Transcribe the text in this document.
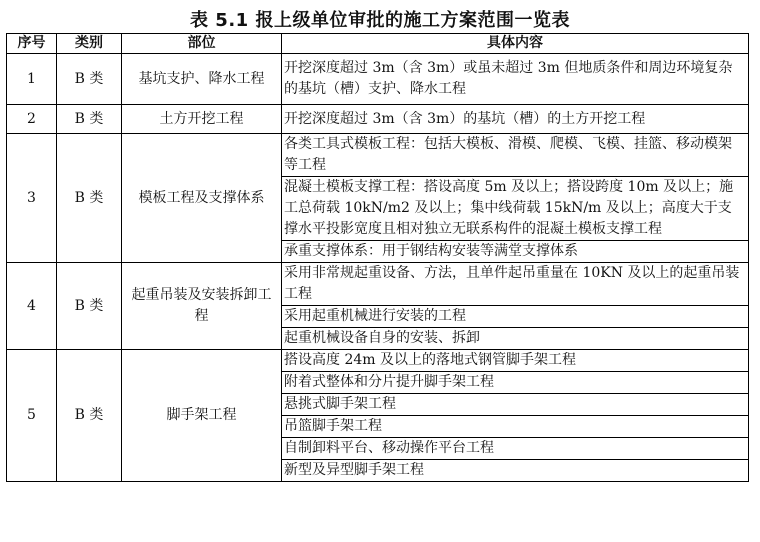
表 5.1 报上级单位审批的施工方案范围一览表
序号	类别	部位	具体内容
1	B 类	基坑支护、降水工程	开挖深度超过 3m（含 3m）或虽未超过 3m 但地质条件和周边环境复杂的基坑（槽）支护、降水工程
2	B 类	土方开挖工程	开挖深度超过 3m（含 3m）的基坑（槽）的土方开挖工程
3	B 类	模板工程及支撑体系	各类工具式模板工程：包括大模板、滑模、爬模、飞模、挂篮、移动模架等工程
			混凝土模板支撑工程：搭设高度 5m 及以上；搭设跨度 10m 及以上；施工总荷载 10kN/m2 及以上；集中线荷载 15kN/m 及以上；高度大于支撑水平投影宽度且相对独立无联系构件的混凝土模板支撑工程
			承重支撑体系：用于钢结构安装等满堂支撑体系
4	B 类	起重吊装及安装拆卸工程	采用非常规起重设备、方法，且单件起吊重量在 10KN 及以上的起重吊装工程
			采用起重机械进行安装的工程
			起重机械设备自身的安装、拆卸
5	B 类	脚手架工程	搭设高度 24m 及以上的落地式钢管脚手架工程
			附着式整体和分片提升脚手架工程
			悬挑式脚手架工程
			吊篮脚手架工程
			自制卸料平台、移动操作平台工程
			新型及异型脚手架工程
